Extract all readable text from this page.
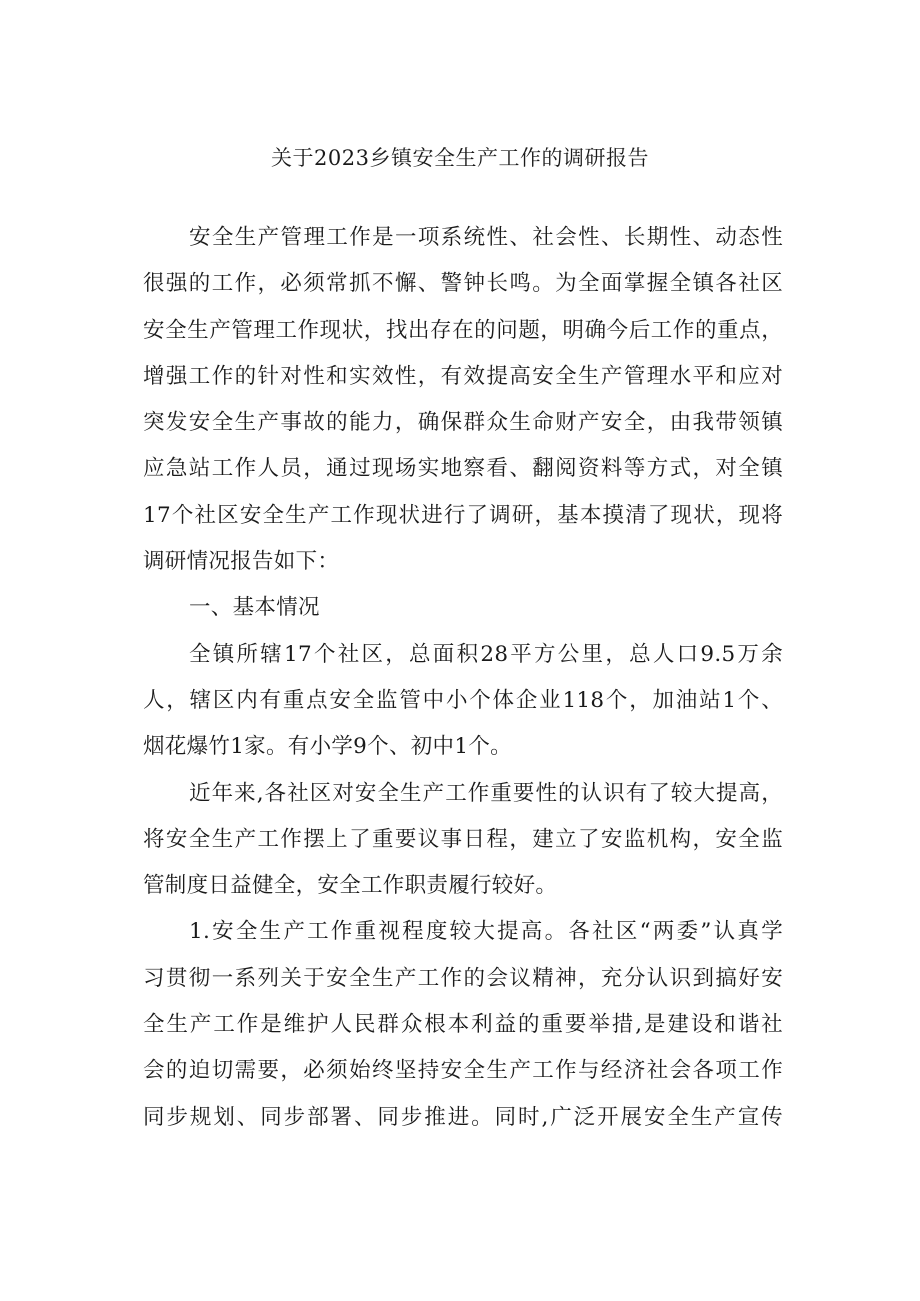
关于2023乡镇安全生产工作的调研报告
安全生产管理工作是一项系统性、社会性、长期性、动态性
很强的工作，必须常抓不懈、警钟长鸣。为全面掌握全镇各社区
安全生产管理工作现状，找出存在的问题，明确今后工作的重点，
增强工作的针对性和实效性，有效提高安全生产管理水平和应对
突发安全生产事故的能力，确保群众生命财产安全，由我带领镇
应急站工作人员，通过现场实地察看、翻阅资料等方式，对全镇
17个社区安全生产工作现状进行了调研，基本摸清了现状，现将
调研情况报告如下：
一、基本情况
全镇所辖17个社区，总面积28平方公里，总人口9.5万余
人，辖区内有重点安全监管中小个体企业118个，加油站1个、
烟花爆竹1家。有小学9个、初中1个。
近年来,各社区对安全生产工作重要性的认识有了较大提高，
将安全生产工作摆上了重要议事日程，建立了安监机构，安全监
管制度日益健全，安全工作职责履行较好。
1.安全生产工作重视程度较大提高。各社区“两委”认真学
习贯彻一系列关于安全生产工作的会议精神，充分认识到搞好安
全生产工作是维护人民群众根本利益的重要举措,是建设和谐社
会的迫切需要，必须始终坚持安全生产工作与经济社会各项工作
同步规划、同步部署、同步推进。同时,广泛开展安全生产宣传
